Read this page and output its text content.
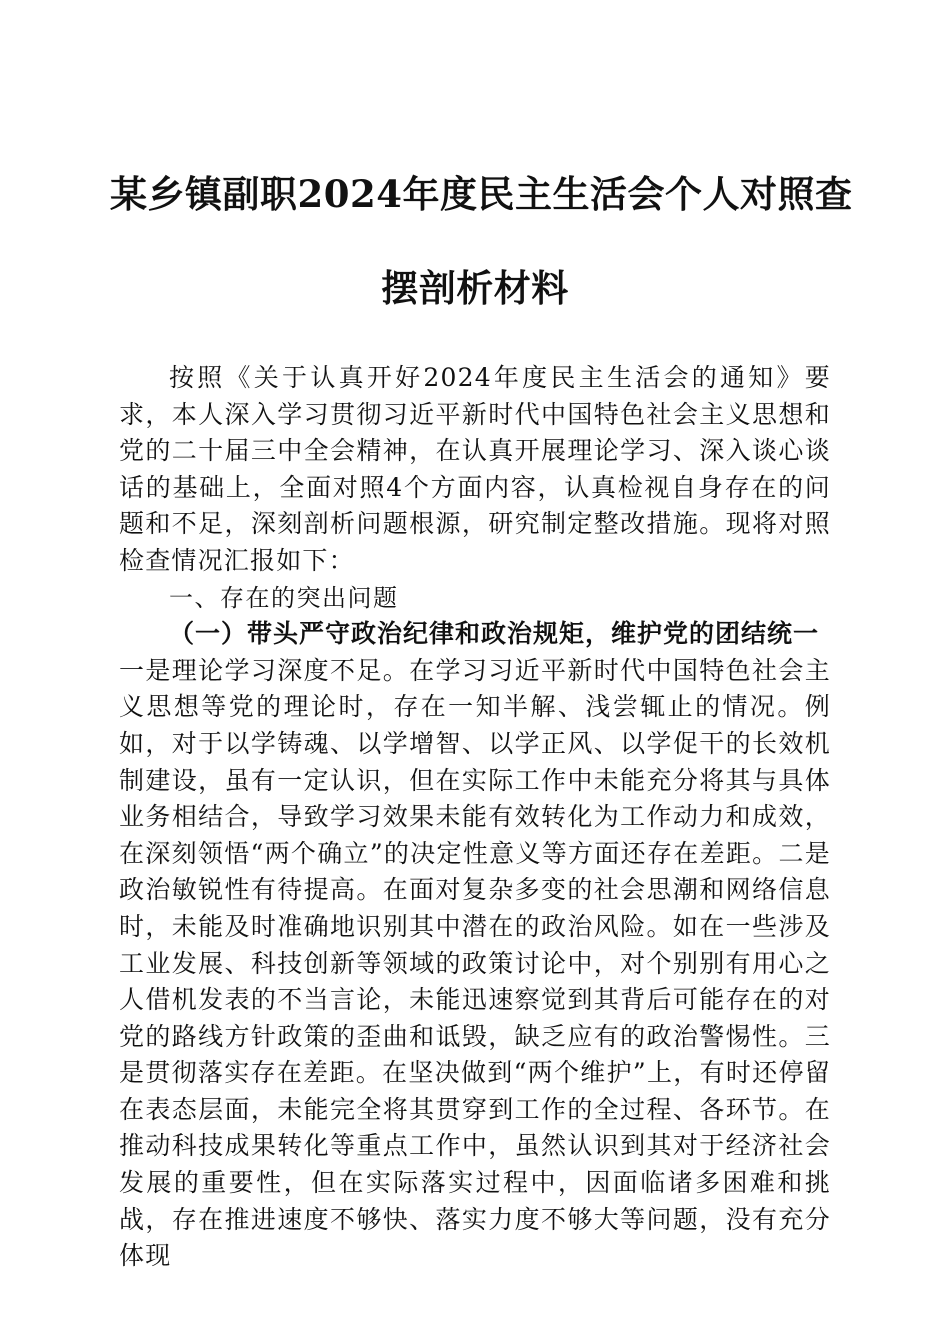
某乡镇副职2024年度民主生活会个人对照查
摆剖析材料

按照《关于认真开好2024年度民主生活会的通知》要求，本人深入学习贯彻习近平新时代中国特色社会主义思想和党的二十届三中全会精神，在认真开展理论学习、深入谈心谈话的基础上，全面对照4个方面内容，认真检视自身存在的问题和不足，深刻剖析问题根源，研究制定整改措施。现将对照检查情况汇报如下：

一、存在的突出问题

（一）带头严守政治纪律和政治规矩，维护党的团结统一

一是理论学习深度不足。在学习习近平新时代中国特色社会主义思想等党的理论时，存在一知半解、浅尝辄止的情况。例如，对于以学铸魂、以学增智、以学正风、以学促干的长效机制建设，虽有一定认识，但在实际工作中未能充分将其与具体业务相结合，导致学习效果未能有效转化为工作动力和成效，在深刻领悟“两个确立”的决定性意义等方面还存在差距。二是政治敏锐性有待提高。在面对复杂多变的社会思潮和网络信息时，未能及时准确地识别其中潜在的政治风险。如在一些涉及工业发展、科技创新等领域的政策讨论中，对个别别有用心之人借机发表的不当言论，未能迅速察觉到其背后可能存在的对党的路线方针政策的歪曲和诋毁，缺乏应有的政治警惕性。三是贯彻落实存在差距。在坚决做到“两个维护”上，有时还停留在表态层面，未能完全将其贯穿到工作的全过程、各环节。在推动科技成果转化等重点工作中，虽然认识到其对于经济社会发展的重要性，但在实际落实过程中，因面临诸多困难和挑战，存在推进速度不够快、落实力度不够大等问题，没有充分体现
